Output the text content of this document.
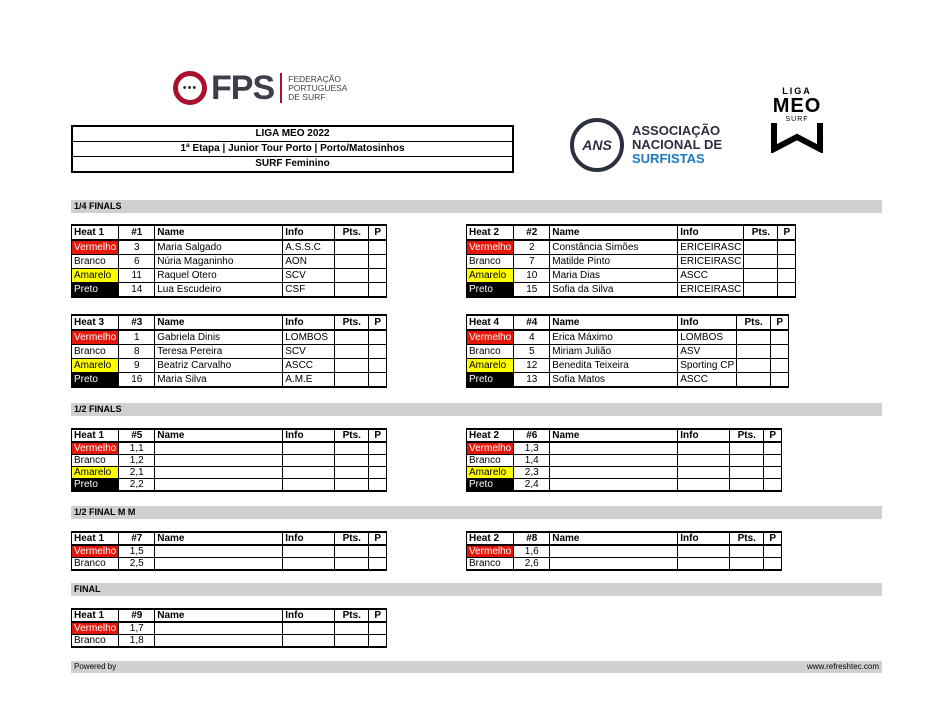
••• FPS FEDERAÇÃO
PORTUGUESA
DE SURF
ANS
ASSOCIAÇÃO
NACIONAL DE
SURFISTAS
LIGA
MEO
SURF
LIGA MEO 2022
1ª Etapa | Junior Tour Porto | Porto/Matosinhos
SURF Feminino
1/4 FINALS
1/2 FINALS
1/2 FINAL M M
FINAL
Heat 1	#1	Name	Info	Pts.	P
Vermelho	3	Maria Salgado	A.S.S.C		
Branco	6	Núria Maganinho	AON		
Amarelo	11	Raquel Otero	SCV		
Preto	14	Lua Escudeiro	CSF		
Heat 2	#2	Name	Info	Pts.	P
Vermelho	2	Constância Simões	ERICEIRASC		
Branco	7	Matilde Pinto	ERICEIRASC		
Amarelo	10	Maria Dias	ASCC		
Preto	15	Sofia da Silva	ERICEIRASC		
Heat 3	#3	Name	Info	Pts.	P
Vermelho	1	Gabriela Dinis	LOMBOS		
Branco	8	Teresa Pereira	SCV		
Amarelo	9	Beatriz Carvalho	ASCC		
Preto	16	Maria Silva	A.M.E		
Heat 4	#4	Name	Info	Pts.	P
Vermelho	4	Erica Máximo	LOMBOS		
Branco	5	Miriam Julião	ASV		
Amarelo	12	Benedita Teixeira	Sporting CP		
Preto	13	Sofia Matos	ASCC		
Heat 1	#5	Name	Info	Pts.	P
Vermelho	1,1				
Branco	1,2				
Amarelo	2,1				
Preto	2,2				
Heat 2	#6	Name	Info	Pts.	P
Vermelho	1,3				
Branco	1,4				
Amarelo	2,3				
Preto	2,4				
Heat 1	#7	Name	Info	Pts.	P
Vermelho	1,5				
Branco	2,5				
Heat 2	#8	Name	Info	Pts.	P
Vermelho	1,6				
Branco	2,6				
Heat 1	#9	Name	Info	Pts.	P
Vermelho	1,7				
Branco	1,8				
Powered by	www.refreshtec.com
